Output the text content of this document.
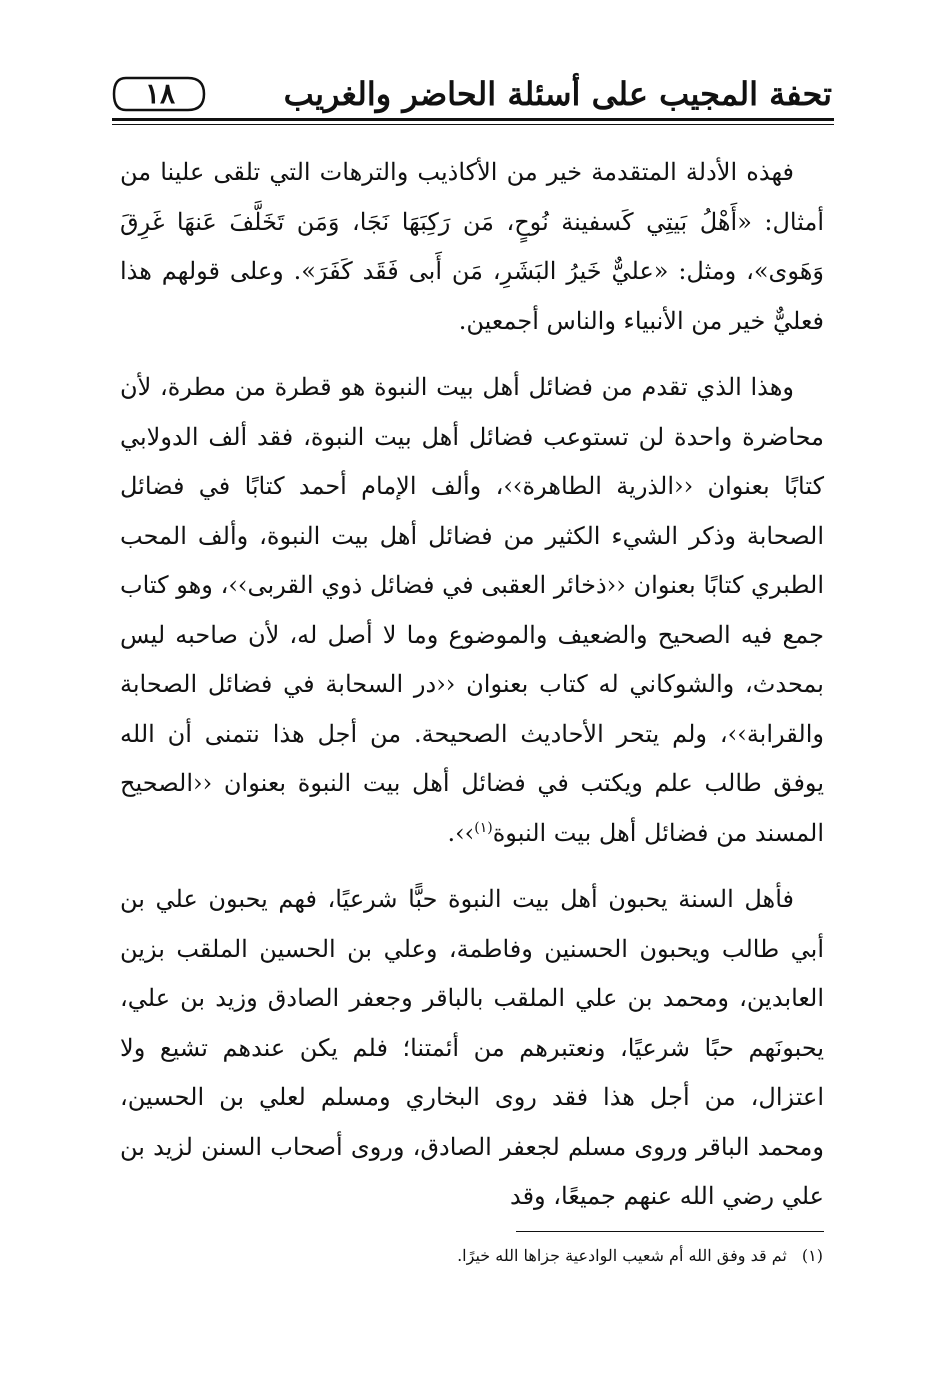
تحفة المجيب على أسئلة الحاضر والغريب
١٨

فهذه الأدلة المتقدمة خير من الأكاذيب والترهات التي تلقى علينا من أمثال: «أَهْلُ بَيتِي كَسفينة نُوحٍ، مَن رَكِبَهَا نَجَا، وَمَن تَخَلَّفَ عَنهَا غَرِقَ وَهَوى»، ومثل: «عليٌّ خَيرُ البَشَرِ، مَن أَبى فَقَد كَفَرَ». وعلى قولهم هذا فعليٌّ خير من الأنبياء والناس أجمعين.

وهذا الذي تقدم من فضائل أهل بيت النبوة هو قطرة من مطرة، لأن محاضرة واحدة لن تستوعب فضائل أهل بيت النبوة، فقد ألف الدولابي كتابًا بعنوان ‹‹الذرية الطاهرة››، وألف الإمام أحمد كتابًا في فضائل الصحابة وذكر الشيء الكثير من فضائل أهل بيت النبوة، وألف المحب الطبري كتابًا بعنوان ‹‹ذخائر العقبى في فضائل ذوي القربى››، وهو كتاب جمع فيه الصحيح والضعيف والموضوع وما لا أصل له، لأن صاحبه ليس بمحدث، والشوكاني له كتاب بعنوان ‹‹در السحابة في فضائل الصحابة والقرابة››، ولم يتحر الأحاديث الصحيحة. من أجل هذا نتمنى أن الله يوفق طالب علم ويكتب في فضائل أهل بيت النبوة بعنوان ‹‹الصحيح المسند من فضائل أهل بيت النبوة$^{(١)}$››.

فأهل السنة يحبون أهل بيت النبوة حبًّا شرعيًا، فهم يحبون علي بن أبي طالب ويحبون الحسنين وفاطمة، وعلي بن الحسين الملقب بزين العابدين، ومحمد بن علي الملقب بالباقر وجعفر الصادق وزيد بن علي، يحبونَهم حبًا شرعيًا، ونعتبرهم من أئمتنا؛ فلم يكن عندهم تشيع ولا اعتزال، من أجل هذا فقد روى البخاري ومسلم لعلي بن الحسين، ومحمد الباقر وروى مسلم لجعفر الصادق، وروى أصحاب السنن لزيد بن علي رضي الله عنهم جميعًا، وقد

(١) ثم قد وفق الله أم شعيب الوادعية جزاها الله خيرًا.
